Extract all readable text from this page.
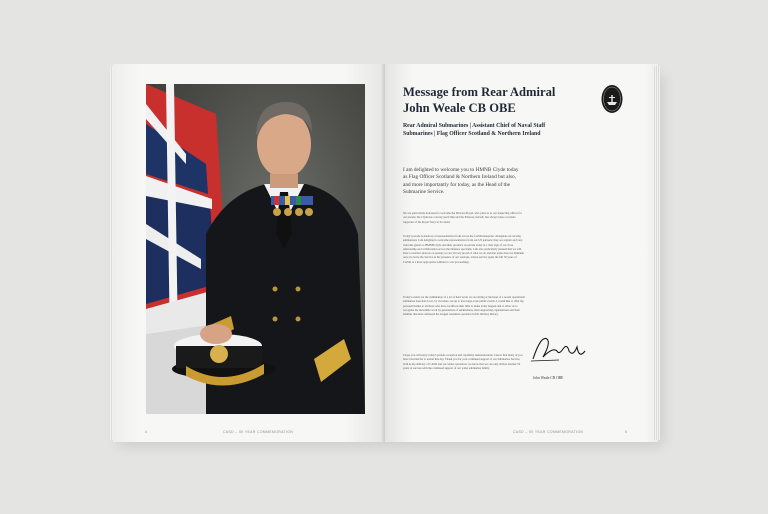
4	CASD – 50 YEAR COMMEMORATION
Message from Rear Admiral
John Weale CB OBE
Rear Admiral Submarines | Assistant Chief of Naval Staff
Submarines | Flag Officer Scotland & Northern Ireland
I am delighted to welcome you to HMNB Clyde today as Flag Officer Scotland & Northern Ireland but also, and more importantly for today, as the Head of the Submarine Service.
We are particularly honoured to welcome the Princess Royal, who joins us as our inspecting officer for our parade; the Clyde has a strong naval link and the Princess, herself, has always been a resolute supporter of the Royal Navy in Scotland.
Today's parade is made up of representatives from across the CASD enterprise. Alongside our serving submariners I am delighted to welcome representatives from our US partners; they are regular and very welcome guests to HMNB Clyde and their presence on parade today is a clear sign of our close relationship and collaboration across the Defence spectrum. I am also particularly pleased that we will have a veteran's platoon on parade; we are all very proud of what we do and that pride does not diminish once we leave the Service as the presence of our veterans, whose service spans the full 50 years of CASD, is a most appropriate addition to our proceedings.
Today's events are the culmination of a lot of hard work; we are sitting at the heart of a recent operational submarine base that is not, by its nature, set up to host large-scale public events. I would like to offer my personal thanks to all those who have sacrificed their time to make today happen and to allow us to recognise the incredible work by generations of submariners, their supporting organisations and their families that have delivered the longest sustained operation in UK military history.
I hope you will enjoy today's parade, reception and capability demonstrations. I know that many of you have travelled far to attend this day. Thank you for your continued support of our Submarine Service, both in the delivery of CASD and our wider operations; we know that we can only deliver another 50 years of success with the continued support of our wider submarine family.
John Weale CB OBE
CASD – 50 YEAR COMMEMORATION	5
